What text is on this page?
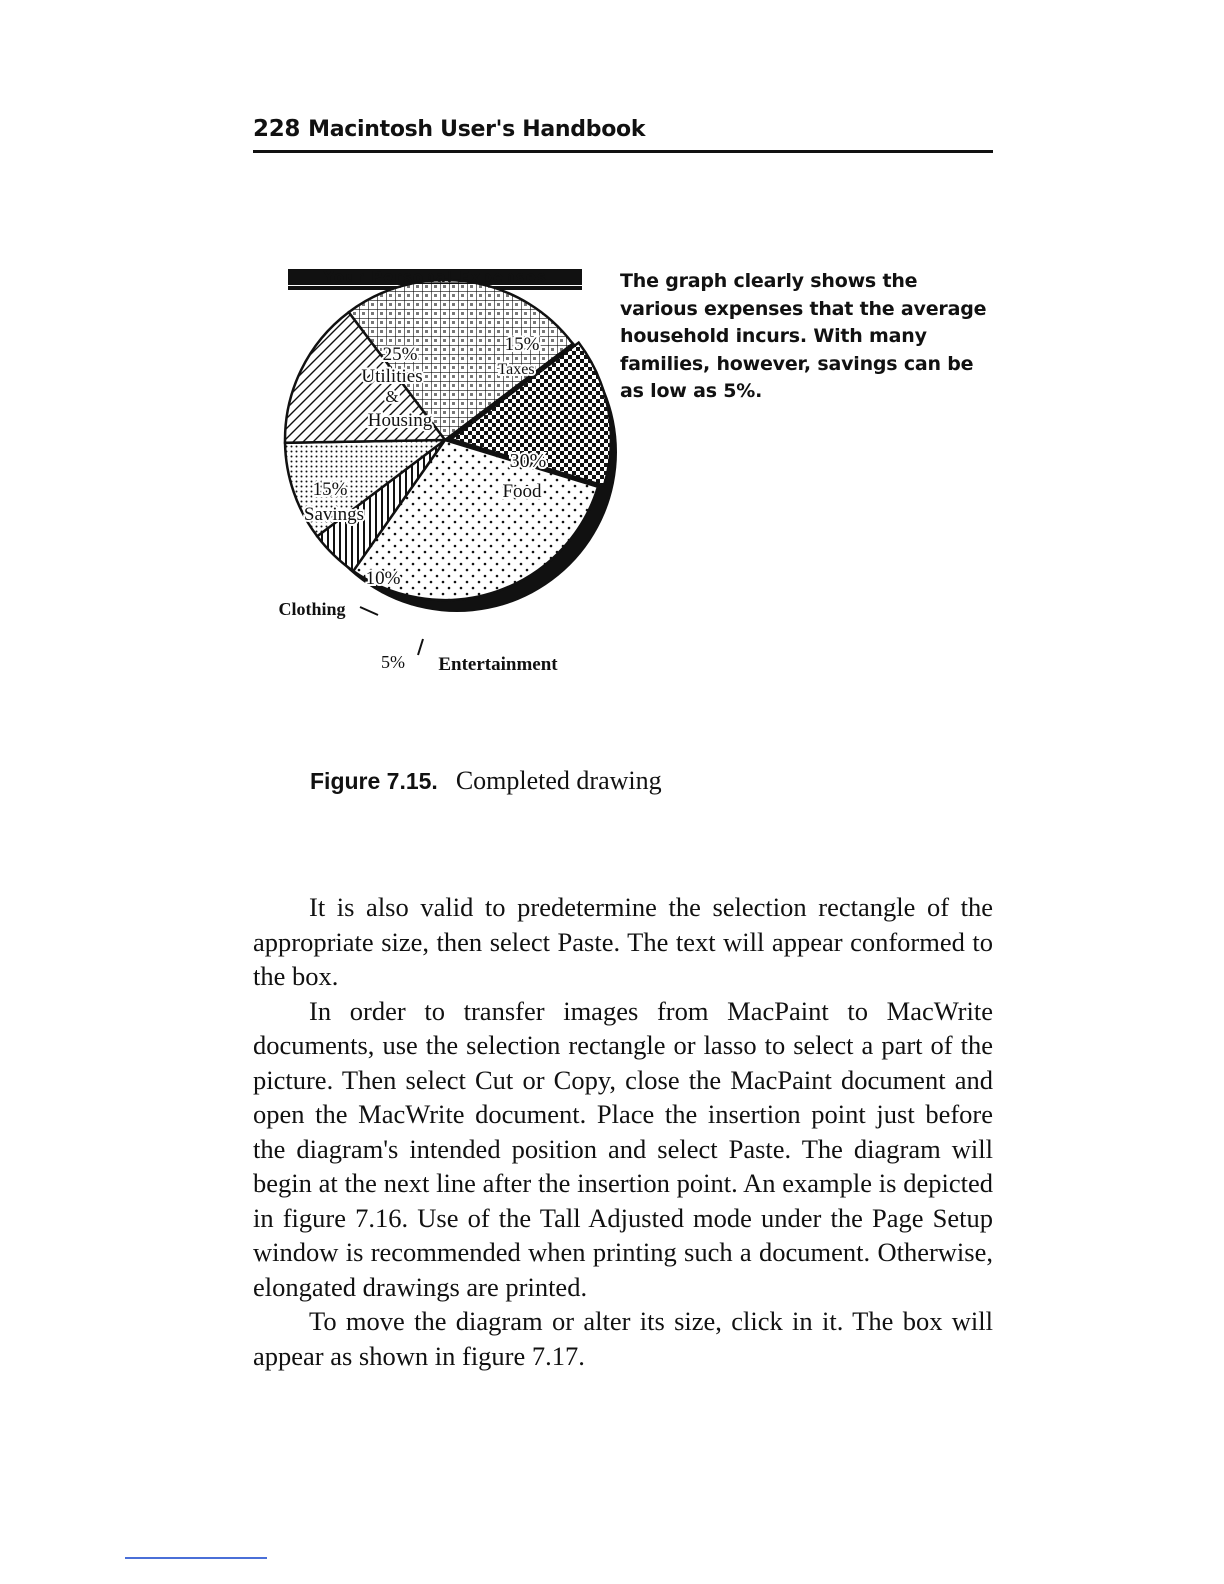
228 Macintosh User's Handbook
25%
Utilities
&
Housing
15%
Taxes
30%
Food
15%
Savings
10%
Clothing
5% Entertainment
Your Personal Expenses	The graph clearly shows the various expenses that the average household incurs. With many families, however, savings can be as low as 5%.
Figure 7.15. Completed drawing

It is also valid to predetermine the selection rectangle of the appropriate size, then select Paste. The text will appear conformed to the box.

In order to transfer images from MacPaint to MacWrite documents, use the selection rectangle or lasso to select a part of the picture. Then select Cut or Copy, close the MacPaint document and open the MacWrite document. Place the insertion point just before the diagram's intended position and select Paste. The diagram will begin at the next line after the insertion point. An example is depicted in figure 7.16. Use of the Tall Adjusted mode under the Page Setup window is recommended when printing such a document. Otherwise, elongated drawings are printed.

To move the diagram or alter its size, click in it. The box will appear as shown in figure 7.17.
